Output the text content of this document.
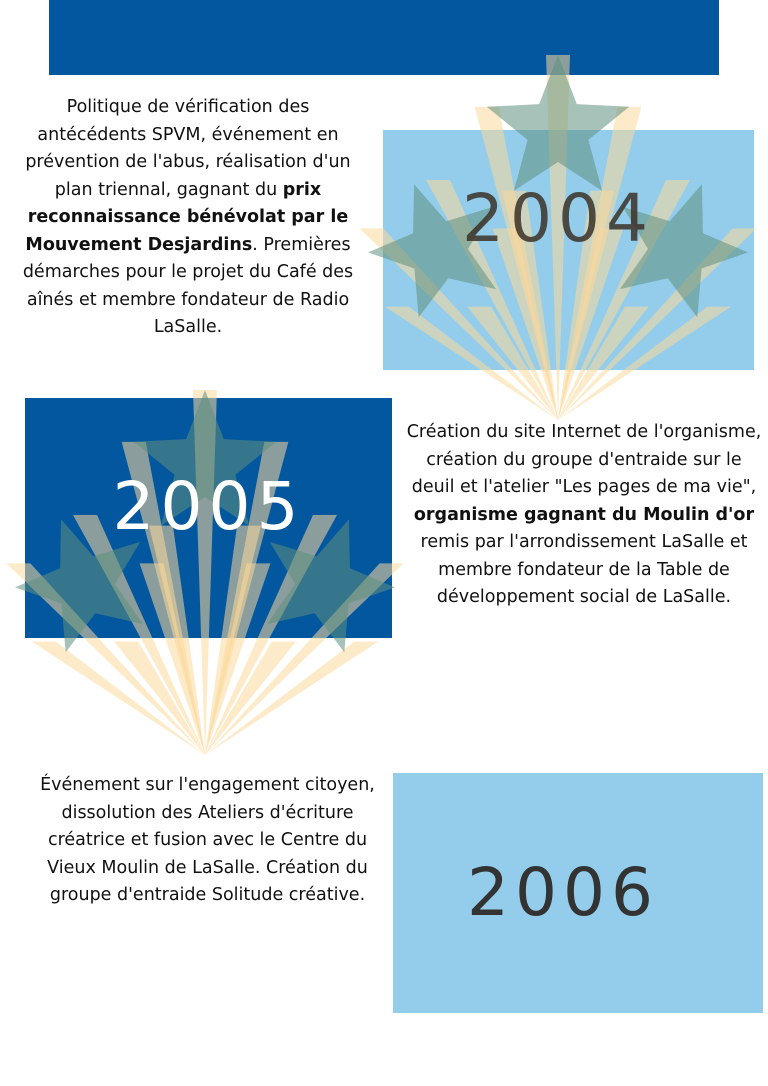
2004
2005
2006
Politique de vérification des antécédents SPVM, événement en prévention de l'abus, réalisation d'un plan triennal, gagnant du prix reconnaissance bénévolat par le Mouvement Desjardins. Premières démarches pour le projet du Café des aînés et membre fondateur de Radio LaSalle.
Création du site Internet de l'organisme, création du groupe d'entraide sur le deuil et l'atelier "Les pages de ma vie", organisme gagnant du Moulin d'or remis par l'arrondissement LaSalle et membre fondateur de la Table de développement social de LaSalle.
Événement sur l'engagement citoyen, dissolution des Ateliers d'écriture créatrice et fusion avec le Centre du Vieux Moulin de LaSalle. Création du groupe d'entraide Solitude créative.
